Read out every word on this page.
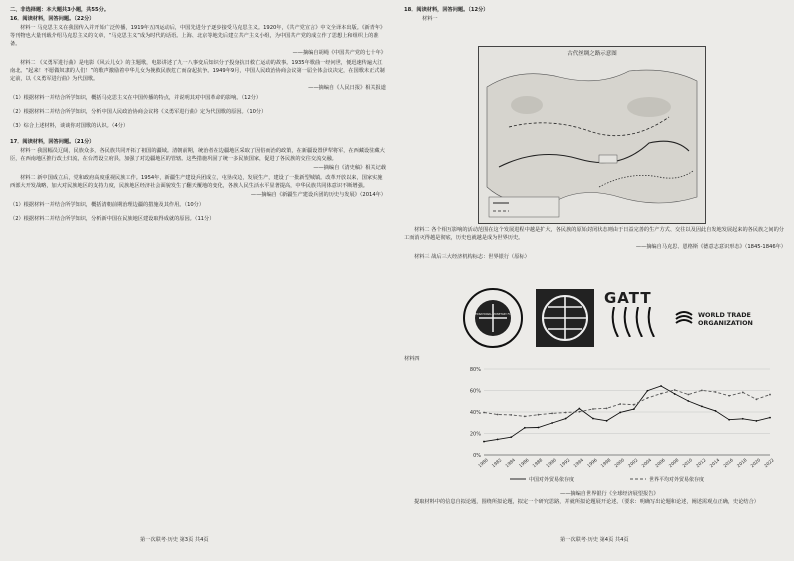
二、非选择题：本大题共3小题，共55分。

16．阅读材料，回答问题。（22分）

材料一 马克思主义在我国传入并开始广泛传播，1919年五四运动后，中国先进分子逐步接受马克思主义。1920年，《共产党宣言》中文全译本出版。《新青年》等刊物也大量刊载介绍马克思主义的文章，“马克思主义”成为时代的话语。上海、北京等地先后建立共产主义小组，为中国共产党的成立作了思想上和组织上的准备。

——摘编自胡绳《中国共产党的七十年》

材料二 《义勇军进行曲》是电影《风云儿女》的主题歌，电影讲述了九一八事变后知识分子投身抗日救亡运动的故事。1935年歌曲一经问世，便迅速传遍大江南北。“起来！不愿做奴隶的人们！”的歌声激励着中华儿女为挽救民族危亡而奋起抗争。1949年9月，中国人民政治协商会议第一届全体会议决定，在国歌未正式制定前，以《义勇军进行曲》为代国歌。

——摘编自《人民日报》相关报道

（1）根据材料一并结合所学知识，概括马克思主义在中国传播的特点，并说明其对中国革命的影响。（12分）

（2）根据材料二并结合所学知识，分析中国人民政治协商会议将《义勇军进行曲》定为代国歌的原因。（10分）

（3）综合上述材料，谈谈你对国歌的认识。（4分）

17．阅读材料，回答问题。（21分）

材料一 我国幅员辽阔，民族众多，各民族共同开拓了祖国的疆域。清朝前期，统治者在边疆地区采取了因俗而治的政策，在新疆设置伊犁将军，在西藏设驻藏大臣，在西南地区推行改土归流，在台湾设立府县，加强了对边疆地区的管辖。这些措施巩固了统一多民族国家，促进了各民族的交往交流交融。

——摘编自《清史稿》相关记载

材料二 新中国成立后，党和政府高度重视民族工作。1954年，新疆生产建设兵团成立，屯垦戍边，发展生产，建设了一批新型城镇。改革开放以来，国家实施西部大开发战略，加大对民族地区的支持力度，民族地区经济社会面貌发生了翻天覆地的变化，各族人民生活水平显著提高，中华民族共同体意识不断增强。

——摘编自《新疆生产建设兵团的历史与发展》（2014年）

（1）根据材料一并结合所学知识，概括清朝前期治理边疆的措施及其作用。（10分）

（2）根据材料二并结合所学知识，分析新中国在民族地区建设取得成就的原因。（11分）

18．阅读材料，回答问题。（12分）

材料一

古代丝绸之路示意图

材料二 各个相互影响的活动范围在这个发展进程中越是扩大，各民族的原始封闭状态则由于日益完善的生产方式、交往以及因此自发地发展起来的各民族之间的分工而消灭得越是彻底，历史也就越是成为世界历史。

——摘编自马克思、恩格斯《德意志意识形态》（1845-1846年）

材料三 战后三大经济机构标志：世界银行（原标）

INTERNATIONAL MONETARY FUND
GATT
WORLD TRADE
ORGANIZATION
材料四
0%
20%
40%
60%
80%
1980 1982 1984 1986 1988 1990 1992 1994 1996 1998 2000 2002 2004 2006 2008 2010 2012 2014 2016 2018 2020 2022
中国对外贸易依存度	世界平均对外贸易依存度
——摘编自世界银行《全球经济展望报告》

提取材料中的信息自拟论题，围绕所拟论题，拟定一个研究思路，并就所拟论题展开论述。（要求：明确写出论题和论述，阐述需观点正确，史论结合）

第一次联考·历史 第3页 共4页	第一次联考·历史 第4页 共4页
